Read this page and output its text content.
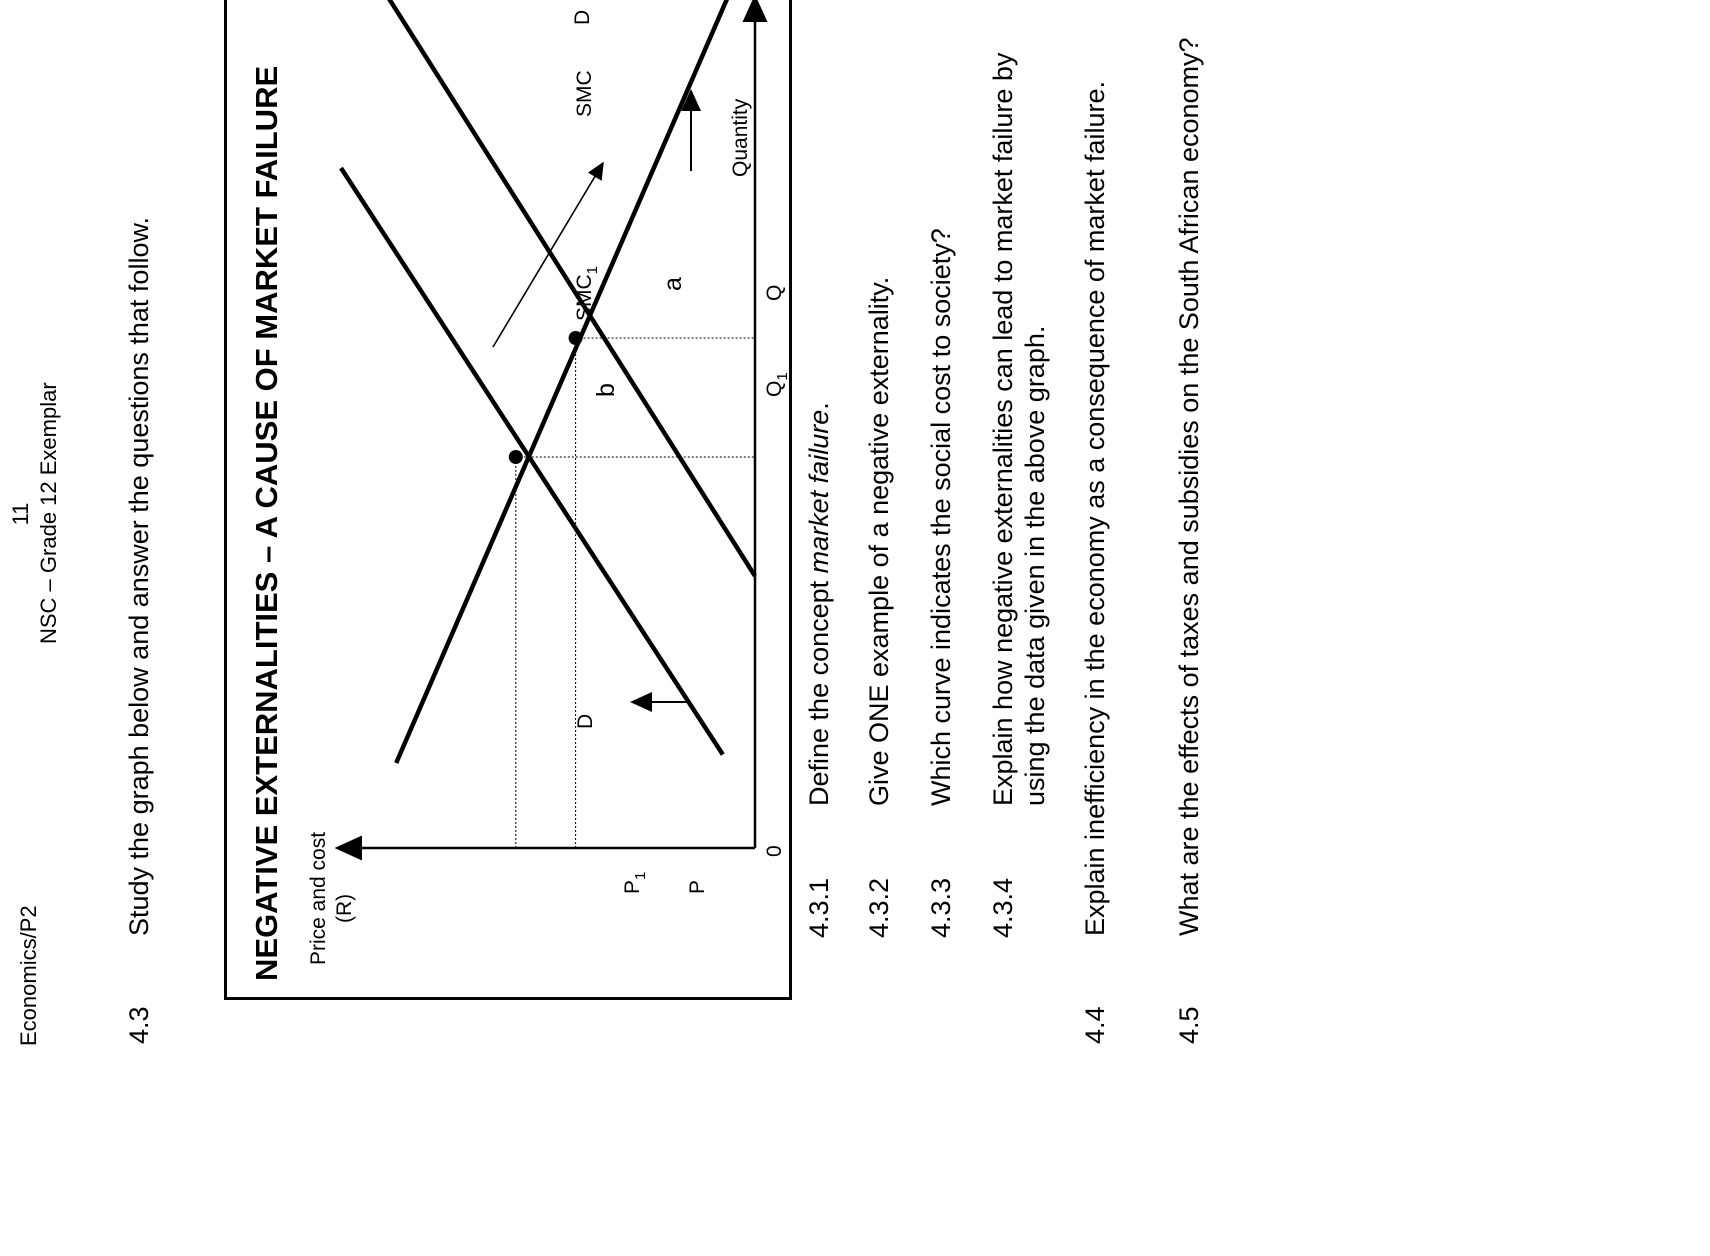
Economics/P2
11 NSC – Grade 12 Exemplar
4.3
Study the graph below and answer the questions that follow.	NEGATIVE EXTERNALITIES – A CAUSE OF MARKET FAILURE Price and cost (R)
0
Quantity
$P_1$
P
$Q_1$
Q
SMC
$SMC_1$
D
D
a
b
4.3.1
Define the concept market failure.
4.3.2
Give ONE example of a negative externality.
4.3.3
Which curve indicates the social cost to society?
4.3.4
Explain how negative externalities can lead to market failure by using the data given in the above graph.
4.4
Explain inefficiency in the economy as a consequence of market failure.
4.5
What are the effects of taxes and subsidies on the South African economy?
